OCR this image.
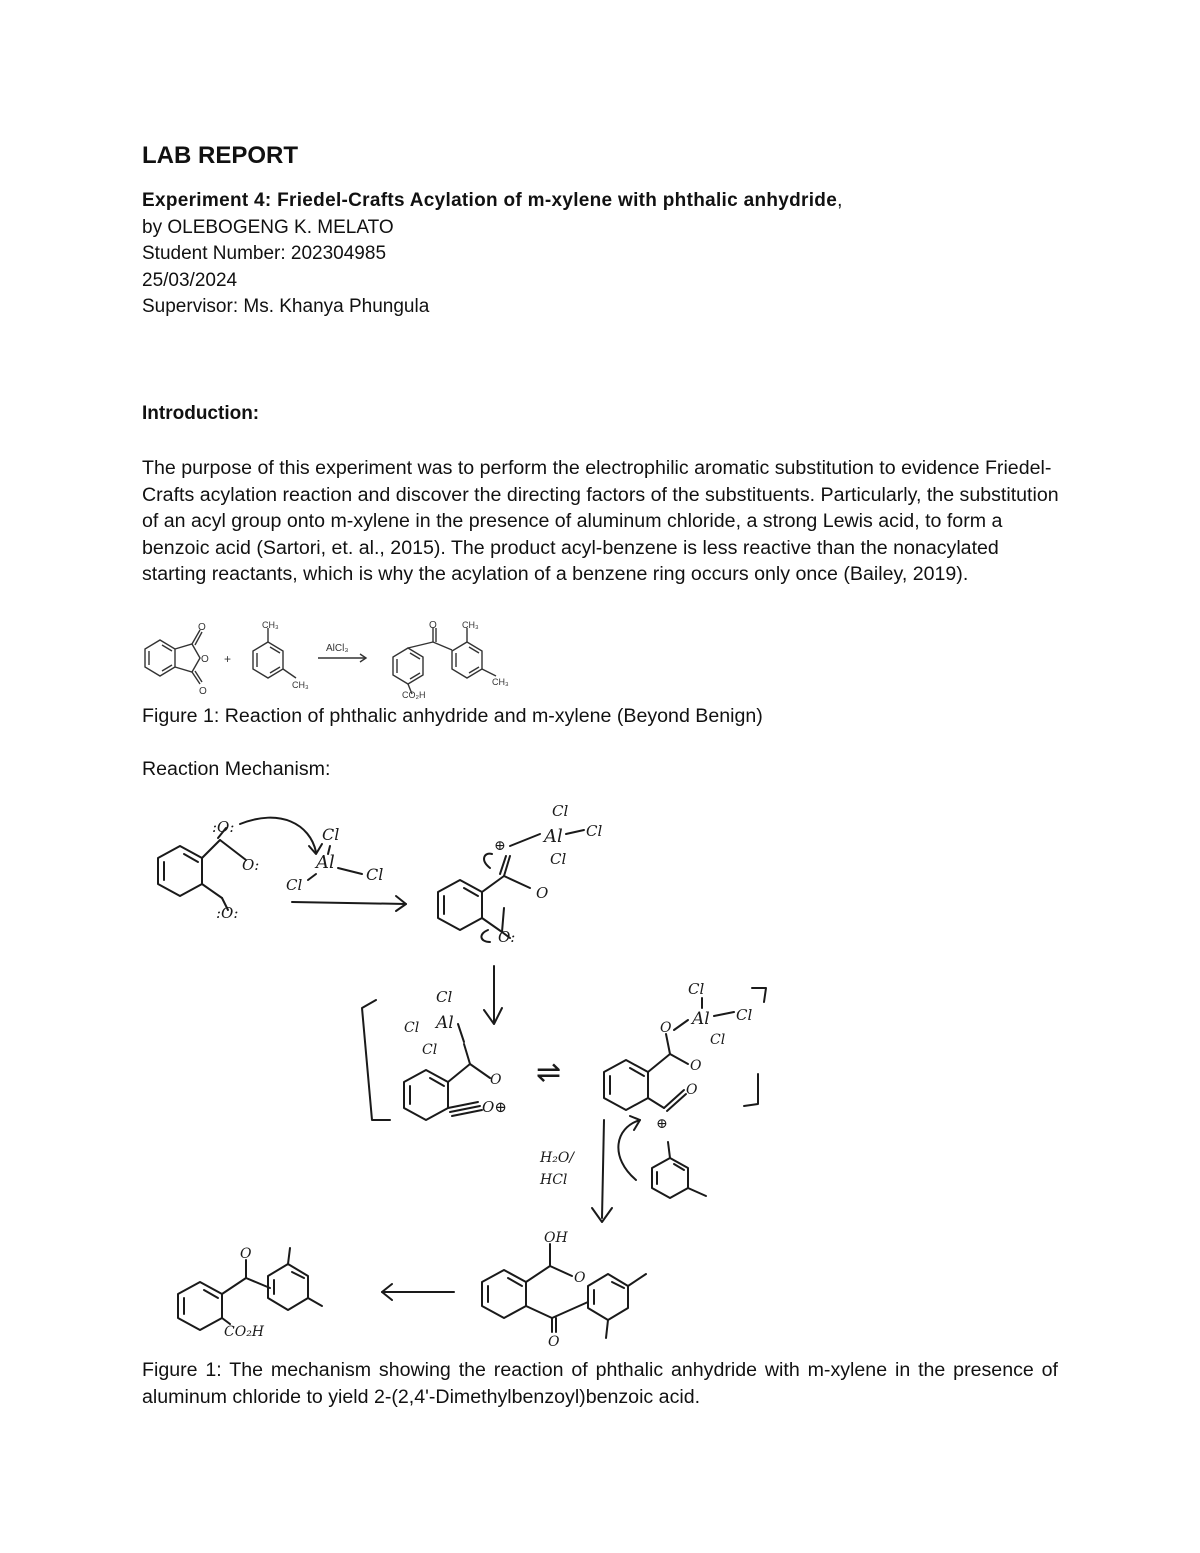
LAB REPORT
Experiment 4: Friedel-Crafts Acylation of m-xylene with phthalic anhydride,
by OLEBOGENG K. MELATO
Student Number: 202304985
25/03/2024
Supervisor: Ms. Khanya Phungula
Introduction:

The purpose of this experiment was to perform the electrophilic aromatic substitution to evidence Friedel-Crafts acylation reaction and discover the directing factors of the substituents. Particularly, the substitution of an acyl group onto m-xylene in the presence of aluminum chloride, a strong Lewis acid, to form a benzoic acid (Sartori, et. al., 2015). The product acyl-benzene is less reactive than the nonacylated starting reactants, which is why the acylation of a benzene ring occurs only once (Bailey, 2019).

O
O
O
+
CH₃
CH₃
AlCl₃
O	CH₃
CO₂H
CH₃
Figure 1: Reaction of phthalic anhydride and m-xylene (Beyond Benign)
Reaction Mechanism:
:O:
O:
:O:
Cl
Al
Cl
Cl
⊕
Cl
Al Cl
Cl
O
O:
Cl
Al
Cl
Cl
O
O⊕
⇌
O
O
O
⊕
Cl
Al Cl
Cl
H₂O/
HCl
OH
O
O
O
CO₂H

Figure 1: The mechanism showing the reaction of phthalic anhydride with m-xylene in the presence of aluminum chloride to yield 2-(2,4'-Dimethylbenzoyl)benzoic acid.
